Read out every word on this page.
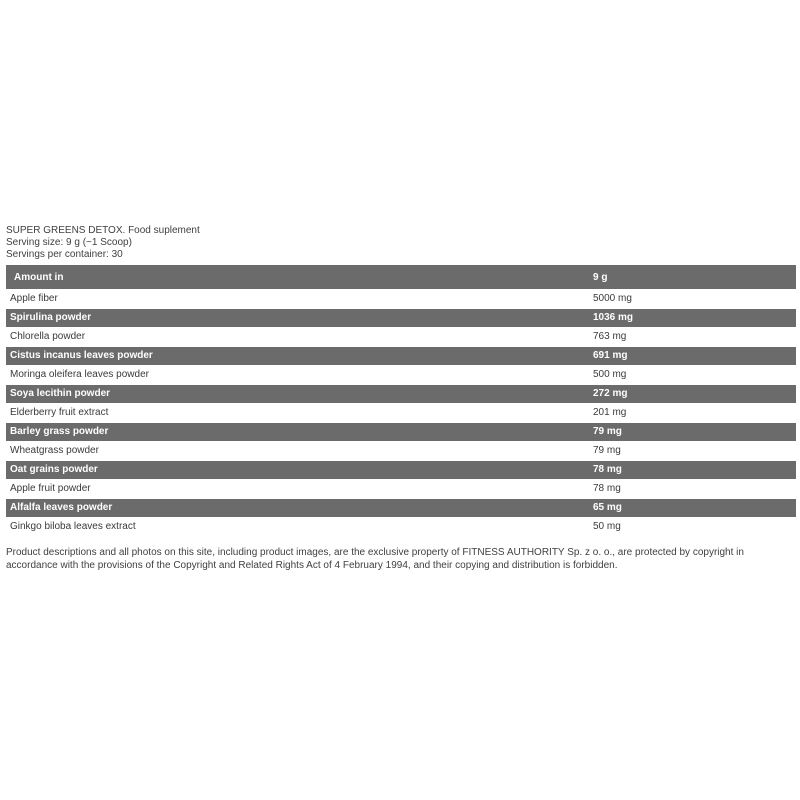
SUPER GREENS DETOX. Food suplement
Serving size: 9 g (~1 Scoop)
Servings per container: 30
Amount in	9 g
Apple fiber	5000 mg
Spirulina powder	1036 mg
Chlorella powder	763 mg
Cistus incanus leaves powder	691 mg
Moringa oleifera leaves powder	500 mg
Soya lecithin powder	272 mg
Elderberry fruit extract	201 mg
Barley grass powder	79 mg
Wheatgrass powder	79 mg
Oat grains powder	78 mg
Apple fruit powder	78 mg
Alfalfa leaves powder	65 mg
Ginkgo biloba leaves extract	50 mg
Product descriptions and all photos on this site, including product images, are the exclusive property of FITNESS AUTHORITY Sp. z o. o., are protected by copyright in accordance with the provisions of the Copyright and Related Rights Act of 4 February 1994, and their copying and distribution is forbidden.
